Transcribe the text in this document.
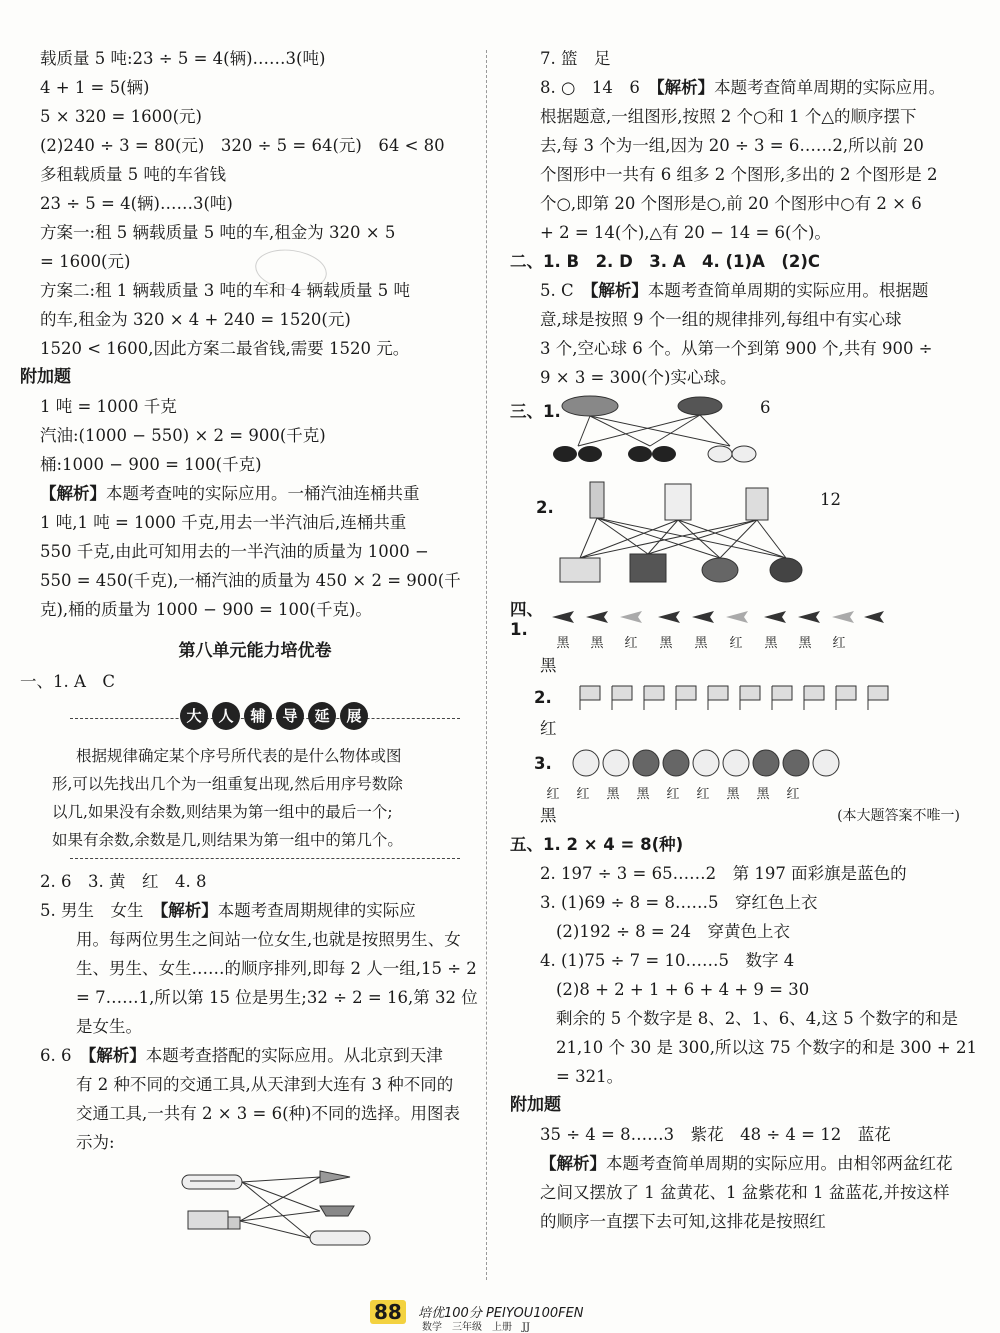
载质量 5 吨:23 ÷ 5 = 4(辆)……3(吨)
4 + 1 = 5(辆)
5 × 320 = 1600(元)
(2)240 ÷ 3 = 80(元)　320 ÷ 5 = 64(元)　64 < 80
多租载质量 5 吨的车省钱
23 ÷ 5 = 4(辆)……3(吨)
方案一:租 5 辆载质量 5 吨的车,租金为 320 × 5
= 1600(元)
方案二:租 1 辆载质量 3 吨的车和 4 辆载质量 5 吨
的车,租金为 320 × 4 + 240 = 1520(元)
1520 < 1600,因此方案二最省钱,需要 1520 元。
附加题
1 吨 = 1000 千克
汽油:(1000 − 550) × 2 = 900(千克)
桶:1000 − 900 = 100(千克)
【解析】本题考查吨的实际应用。一桶汽油连桶共重
1 吨,1 吨 = 1000 千克,用去一半汽油后,连桶共重
550 千克,由此可知用去的一半汽油的质量为 1000 −
550 = 450(千克),一桶汽油的质量为 450 × 2 = 900(千
克),桶的质量为 1000 − 900 = 100(千克)。
第八单元能力培优卷
一、1. A　C
大	人	辅	导	延	展
根据规律确定某个序号所代表的是什么物体或图
形,可以先找出几个为一组重复出现,然后用序号数除
以几,如果没有余数,则结果为第一组中的最后一个;
如果有余数,余数是几,则结果为第一组中的第几个。
2. 6　3. 黄　红　4. 8
5. 男生　女生　【解析】本题考查周期规律的实际应
用。每两位男生之间站一位女生,也就是按照男生、女
生、男生、女生……的顺序排列,即每 2 人一组,15 ÷ 2
= 7……1,所以第 15 位是男生;32 ÷ 2 = 16,第 32 位
是女生。
6. 6　【解析】本题考查搭配的实际应用。从北京到天津
有 2 种不同的交通工具,从天津到大连有 3 种不同的
交通工具,一共有 2 × 3 = 6(种)不同的选择。用图表
示为:
7. 篮　足
8. ○　14　6　【解析】本题考查简单周期的实际应用。
根据题意,一组图形,按照 2 个○和 1 个△的顺序摆下
去,每 3 个为一组,因为 20 ÷ 3 = 6……2,所以前 20
个图形中一共有 6 组多 2 个图形,多出的 2 个图形是 2
个○,即第 20 个图形是○,前 20 个图形中○有 2 × 6
+ 2 = 14(个),△有 20 − 14 = 6(个)。
二、1. B　2. D　3. A　4. (1)A　(2)C
5. C　【解析】本题考查简单周期的实际应用。根据题
意,球是按照 9 个一组的规律排列,每组中有实心球
3 个,空心球 6 个。从第一个到第 900 个,共有 900 ÷
9 × 3 = 300(个)实心球。
三、1.	6
2.	12
四、1.
黑	黑	红	黑	黑	红	黑	黑	红
黑
2.
红
3.
红	红	黑	黑	红	红	黑	黑	红
黑	(本大题答案不唯一)
五、1. 2 × 4 = 8(种)
2. 197 ÷ 3 = 65……2　第 197 面彩旗是蓝色的
3. (1)69 ÷ 8 = 8……5　穿红色上衣
(2)192 ÷ 8 = 24　穿黄色上衣
4. (1)75 ÷ 7 = 10……5　数字 4
(2)8 + 2 + 1 + 6 + 4 + 9 = 30
剩余的 5 个数字是 8、2、1、6、4,这 5 个数字的和是
21,10 个 30 是 300,所以这 75 个数字的和是 300 + 21
= 321。
附加题
35 ÷ 4 = 8……3　紫花　48 ÷ 4 = 12　蓝花
【解析】本题考查简单周期的实际应用。由相邻两盆红花
之间又摆放了 1 盆黄花、1 盆紫花和 1 盆蓝花,并按这样
的顺序一直摆下去可知,这排花是按照红
88	培优100分 PEIYOU100FEN
数学　三年级　上册　JJ
